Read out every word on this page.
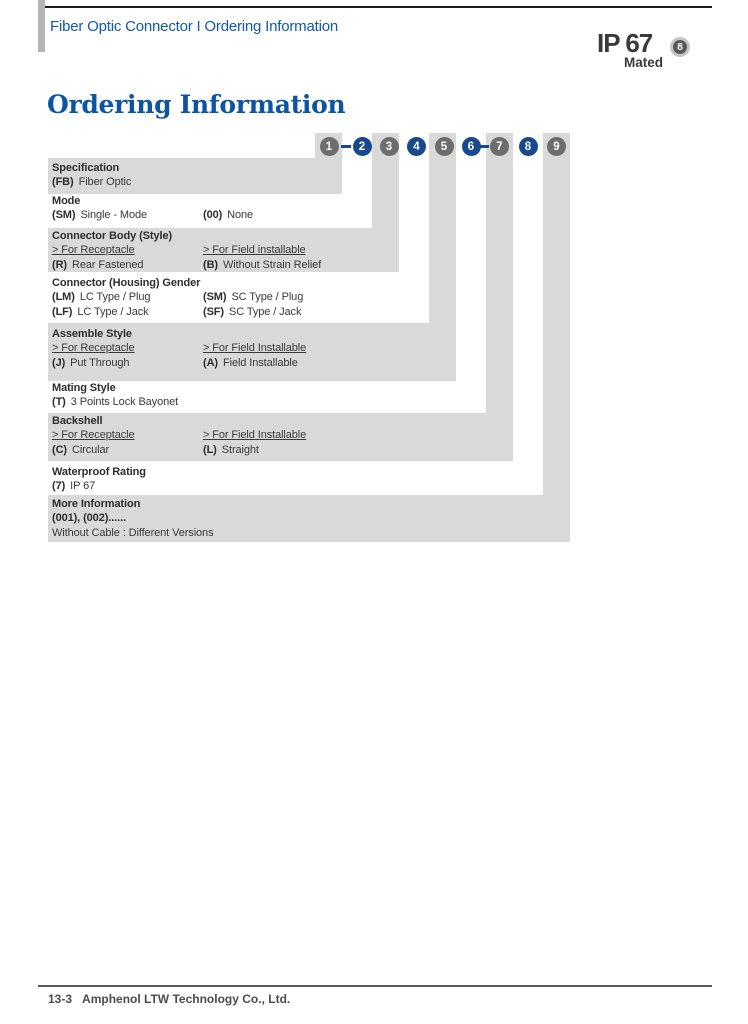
Fiber Optic Connector I Ordering Information
IP 67	8
Mated
Ordering Information
1	2	3	4	5	6	7	8	9
Specification
(FB) Fiber Optic
Mode
(SM) Single - Mode	(00) None
Connector Body (Style)
> For Receptacle	> For Field installable
(R) Rear Fastened	(B) Without Strain Relief
Connector (Housing) Gender
(LM) LC Type / Plug	(SM) SC Type / Plug
(LF) LC Type / Jack	(SF) SC Type / Jack
Assemble Style
> For Receptacle	> For Field Installable
(J) Put Through	(A) Field Installable
Mating Style
(T) 3 Points Lock Bayonet
Backshell
> For Receptacle	> For Field Installable
(C) Circular	(L) Straight
Waterproof Rating
(7) IP 67
More Information
(001), (002)......
Without Cable : Different Versions
13-3 Amphenol LTW Technology Co., Ltd.
